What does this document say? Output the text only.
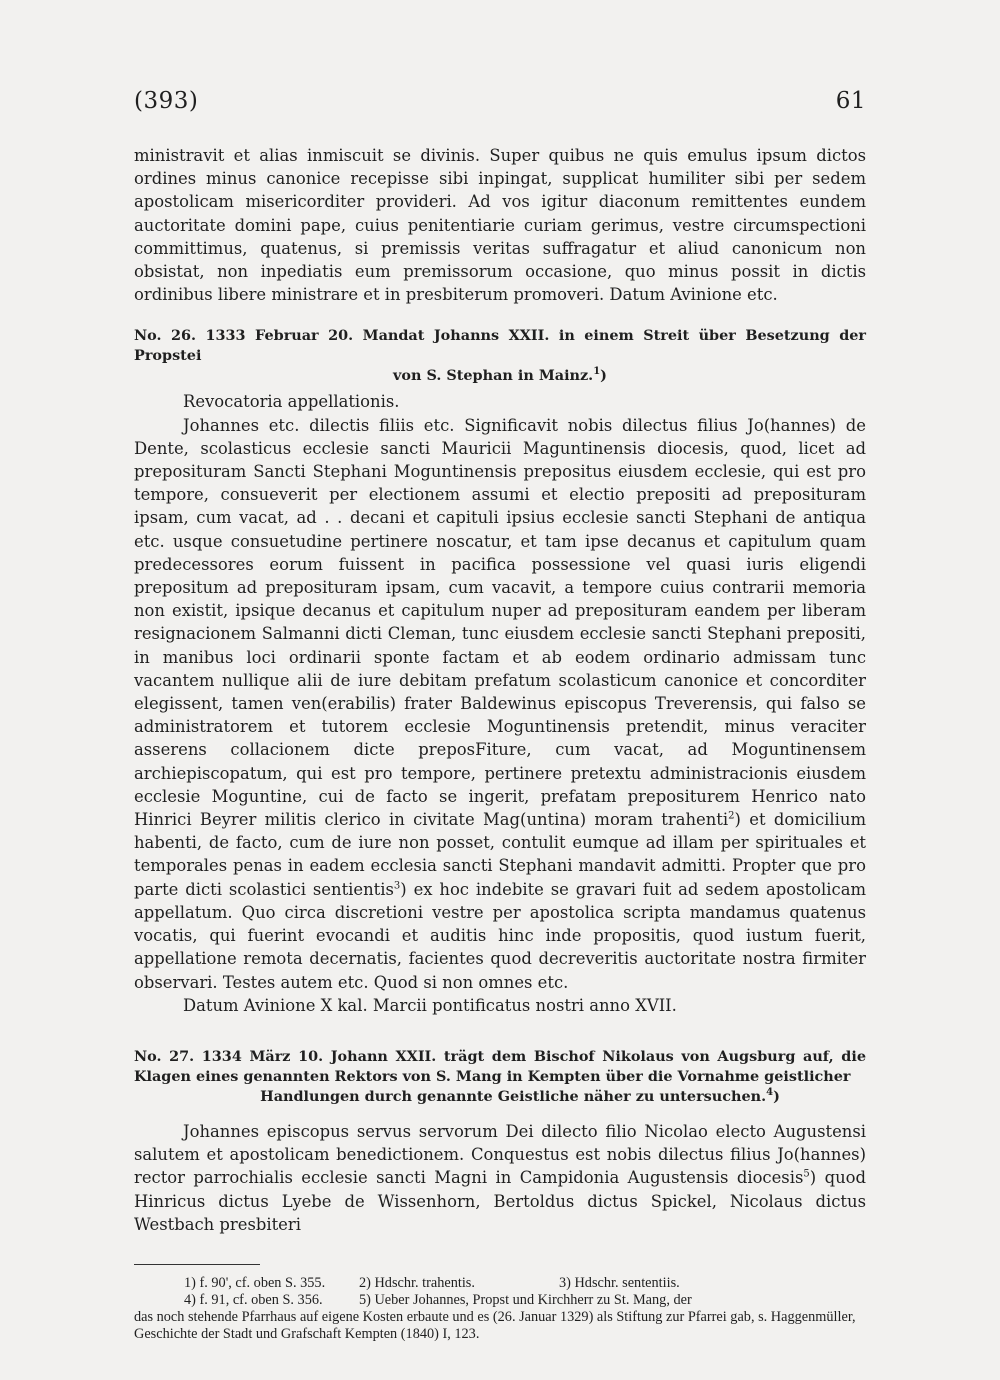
(393)	61

ministravit et alias inmiscuit se divinis. Super quibus ne quis emulus ipsum dictos ordines minus canonice recepisse sibi inpingat, supplicat humiliter sibi per sedem apostolicam misericorditer provideri. Ad vos igitur diaconum remittentes eundem auctoritate domini pape, cuius penitentiarie curiam gerimus, vestre circumspectioni committimus, quatenus, si premissis veritas suffragatur et aliud canonicum non obsistat, non inpediatis eum premissorum occasione, quo minus possit in dictis ordinibus libere ministrare et in presbiterum promoveri. Datum Avinione etc.

No. 26. 1333 Februar 20. Mandat Johanns XXII. in einem Streit über Besetzung der Propstei
von S. Stephan in Mainz.$^1$)

Revocatoria appellationis.

Johannes etc. dilectis filiis etc. Significavit nobis dilectus filius Jo(hannes) de Dente, scolasticus ecclesie sancti Mauricii Maguntinensis diocesis, quod, licet ad preposituram Sancti Stephani Moguntinensis prepositus eiusdem ecclesie, qui est pro tempore, consueverit per electionem assumi et electio prepositi ad preposituram ipsam, cum vacat, ad . . decani et capituli ipsius ecclesie sancti Stephani de antiqua etc. usque consuetudine pertinere noscatur, et tam ipse decanus et capitulum quam predecessores eorum fuissent in pacifica possessione vel quasi iuris eligendi prepositum ad preposituram ipsam, cum vacavit, a tempore cuius contrarii memoria non existit, ipsique decanus et capitulum nuper ad preposituram eandem per liberam resignacionem Salmanni dicti Cleman, tunc eiusdem ecclesie sancti Stephani prepositi, in manibus loci ordinarii sponte factam et ab eodem ordinario admissam tunc vacantem nullique alii de iure debitam prefatum scolasticum canonice et concorditer elegissent, tamen ven(erabilis) frater Baldewinus episcopus Treverensis, qui falso se administratorem et tutorem ecclesie Moguntinensis pretendit, minus veraciter asserens collacionem dicte preposFiture, cum vacat, ad Moguntinensem archiepiscopatum, qui est pro tempore, pertinere pretextu administracionis eiusdem ecclesie Moguntine, cui de facto se ingerit, prefatam prepositurem Henrico nato Hinrici Beyrer militis clerico in civitate Mag(untina) moram trahenti$^2$) et domicilium habenti, de facto, cum de iure non posset, contulit eumque ad illam per spirituales et temporales penas in eadem ecclesia sancti Stephani mandavit admitti. Propter que pro parte dicti scolastici sentientis$^3$) ex hoc indebite se gravari fuit ad sedem apostolicam appellatum. Quo circa discretioni vestre per apostolica scripta mandamus quatenus vocatis, qui fuerint evocandi et auditis hinc inde propositis, quod iustum fuerit, appellatione remota decernatis, facientes quod decreveritis auctoritate nostra firmiter observari. Testes autem etc. Quod si non omnes etc.

Datum Avinione X kal. Marcii pontificatus nostri anno XVII.

No. 27. 1334 März 10. Johann XXII. trägt dem Bischof Nikolaus von Augsburg auf, die Klagen eines genannten Rektors von S. Mang in Kempten über die Vornahme geistlicher
Handlungen durch genannte Geistliche näher zu untersuchen.$^4$)

Johannes episcopus servus servorum Dei dilecto filio Nicolao electo Augustensi salutem et apostolicam benedictionem. Conquestus est nobis dilectus filius Jo(hannes) rector parrochialis ecclesie sancti Magni in Campidonia Augustensis diocesis$^5$) quod Hinricus dictus Lyebe de Wissenhorn, Bertoldus dictus Spickel, Nicolaus dictus Westbach presbiteri

1) f. 90', cf. oben S. 355.	2) Hdschr. trahentis.	3) Hdschr. sententiis.
4) f. 91, cf. oben S. 356.	5) Ueber Johannes, Propst und Kirchherr zu St. Mang, der
das noch stehende Pfarrhaus auf eigene Kosten erbaute und es (26. Januar 1329) als Stiftung zur Pfarrei gab, s. Haggenmüller, Geschichte der Stadt und Grafschaft Kempten (1840) I, 123.
